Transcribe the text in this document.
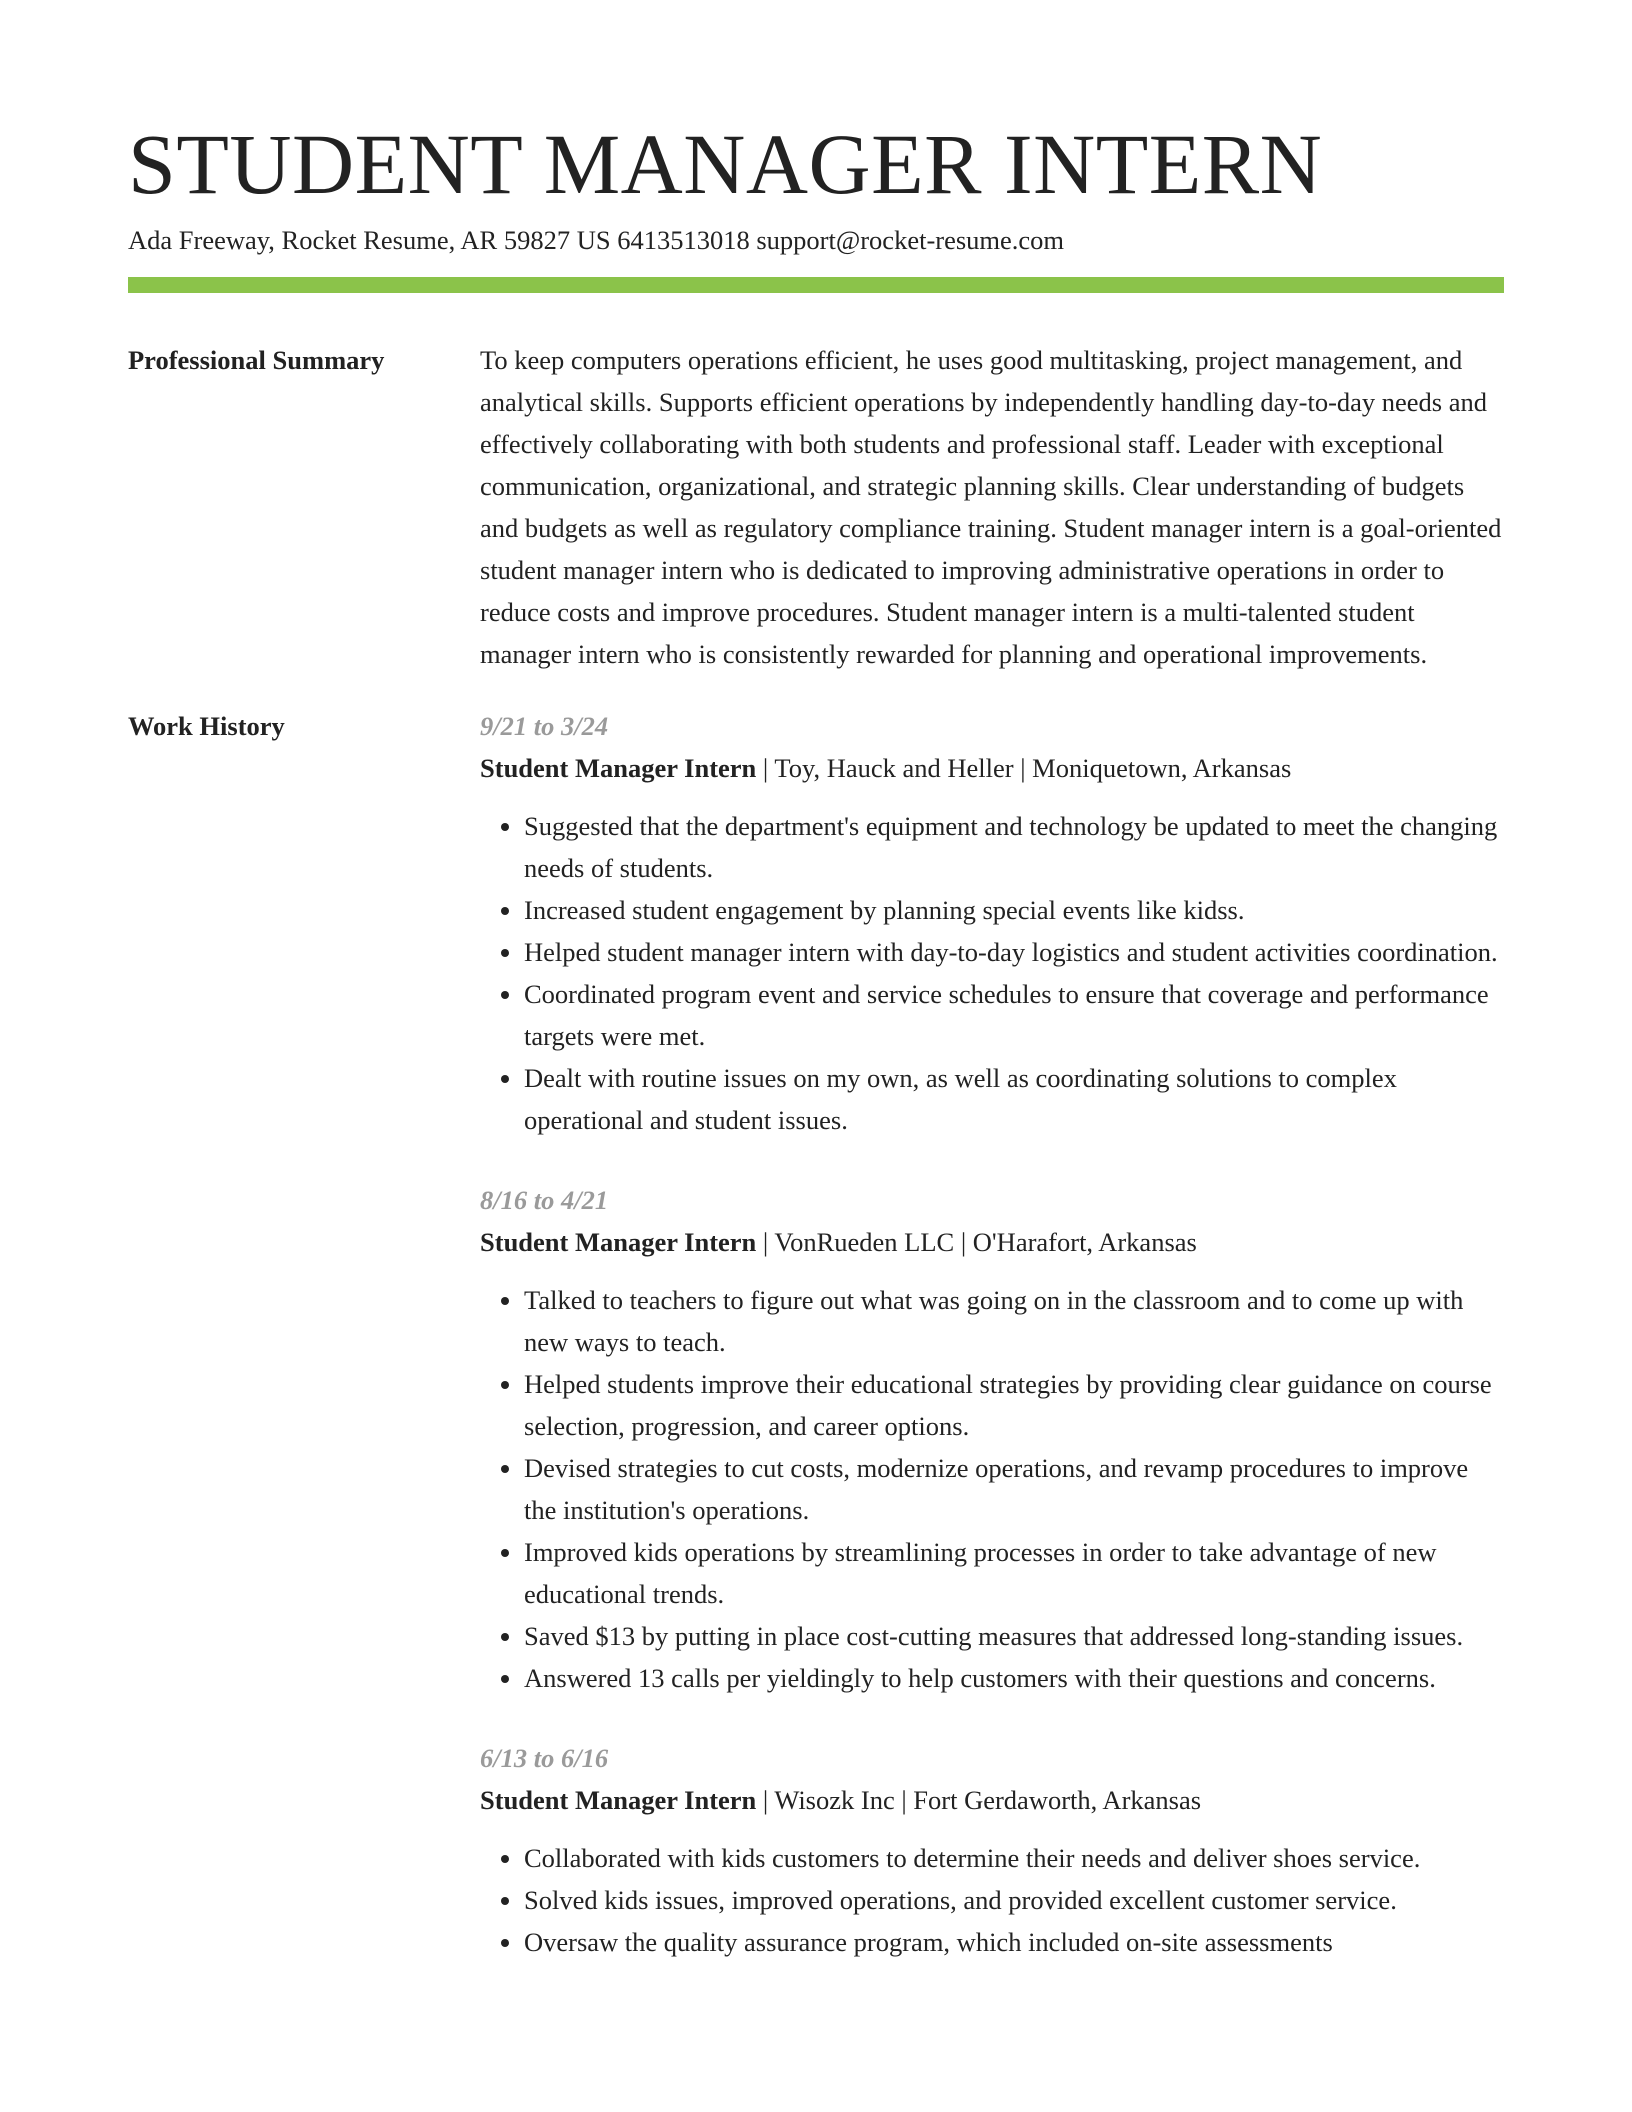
STUDENT MANAGER INTERN
Ada Freeway, Rocket Resume, AR 59827 US 6413513018 support@rocket-resume.com
Professional Summary	To keep computers operations efficient, he uses good multitasking, project management, and analytical skills. Supports efficient operations by independently handling day-to-day needs and effectively collaborating with both students and professional staff. Leader with exceptional communication, organizational, and strategic planning skills. Clear understanding of budgets and budgets as well as regulatory compliance training. Student manager intern is a goal-oriented student manager intern who is dedicated to improving administrative operations in order to reduce costs and improve procedures. Student manager intern is a multi-talented student manager intern who is consistently rewarded for planning and operational improvements.

Work History	9/21 to 3/24
Student Manager Intern | Toy, Hauck and Heller | Moniquetown, Arkansas
• Suggested that the department's equipment and technology be updated to meet the changing needs of students.
• Increased student engagement by planning special events like kidss.
• Helped student manager intern with day-to-day logistics and student activities coordination.
• Coordinated program event and service schedules to ensure that coverage and performance targets were met.
• Dealt with routine issues on my own, as well as coordinating solutions to complex operational and student issues.
8/16 to 4/21
Student Manager Intern | VonRueden LLC | O'Harafort, Arkansas
• Talked to teachers to figure out what was going on in the classroom and to come up with new ways to teach.
• Helped students improve their educational strategies by providing clear guidance on course selection, progression, and career options.
• Devised strategies to cut costs, modernize operations, and revamp procedures to improve the institution's operations.
• Improved kids operations by streamlining processes in order to take advantage of new educational trends.
• Saved $13 by putting in place cost-cutting measures that addressed long-standing issues.
• Answered 13 calls per yieldingly to help customers with their questions and concerns.
6/13 to 6/16
Student Manager Intern | Wisozk Inc | Fort Gerdaworth, Arkansas
• Collaborated with kids customers to determine their needs and deliver shoes service.
• Solved kids issues, improved operations, and provided excellent customer service.
• Oversaw the quality assurance program, which included on-site assessments
